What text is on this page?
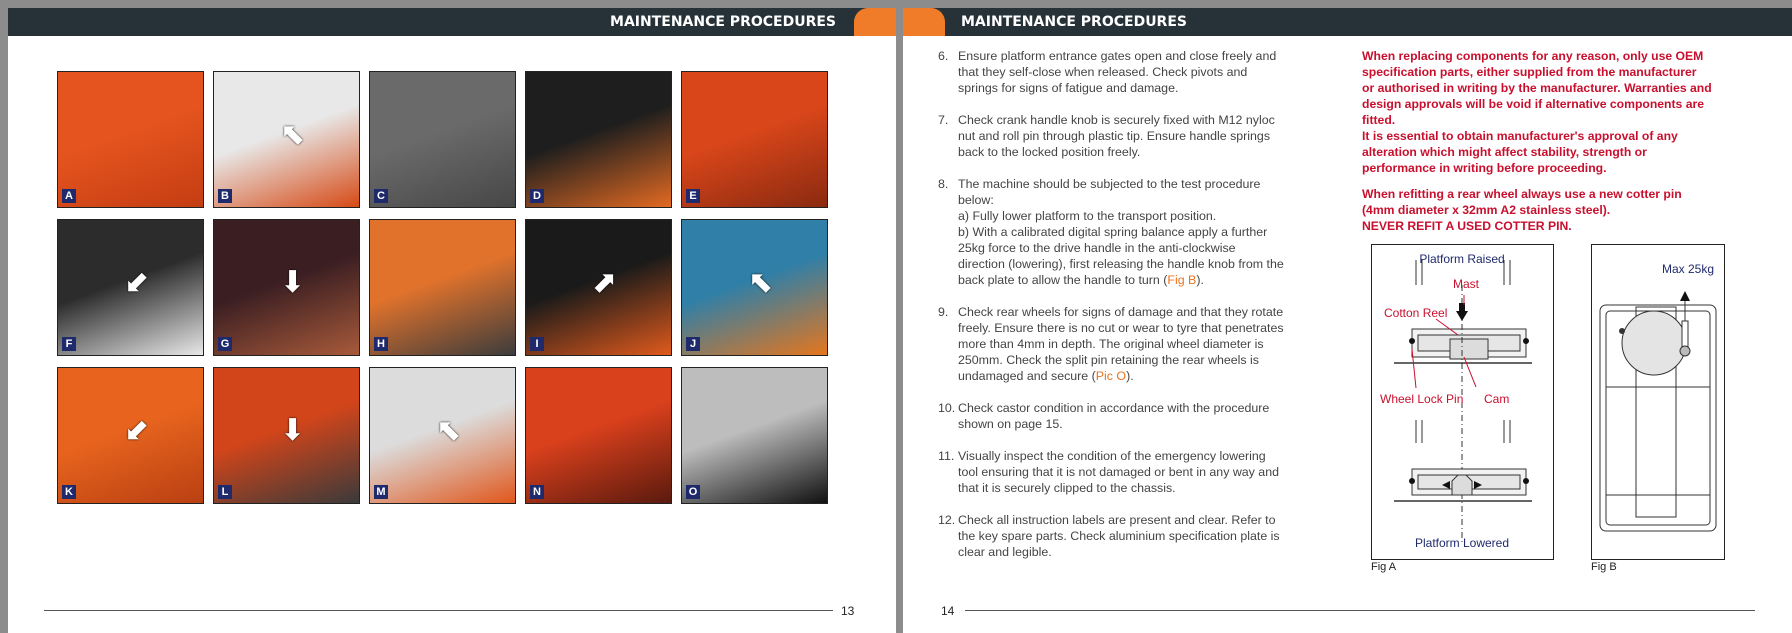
MAINTENANCE PROCEDURES
A
⬉
B	C	D	E
⬋
F
⬇
G	H
⬈
I
⬉
J
⬋
K
⬇
L
⬉
M	N	O
13
MAINTENANCE PROCEDURES
6. Ensure platform entrance gates open and close freely and that they self-close when released. Check pivots and springs for signs of fatigue and damage.
7. Check crank handle knob is securely fixed with M12 nyloc nut and roll pin through plastic tip. Ensure handle springs back to the locked position freely.
8. The machine should be subjected to the test procedure below:
a) Fully lower platform to the transport position.
b) With a calibrated digital spring balance apply a further 25kg force to the drive handle in the anti-clockwise direction (lowering), first releasing the handle knob from the back plate to allow the handle to turn (Fig B).
9. Check rear wheels for signs of damage and that they rotate freely. Ensure there is no cut or wear to tyre that penetrates more than 4mm in depth. The original wheel diameter is 250mm. Check the split pin retaining the rear wheels is undamaged and secure (Pic O).
10. Check castor condition in accordance with the procedure shown on page 15.
11. Visually inspect the condition of the emergency lowering tool ensuring that it is not damaged or bent in any way and that it is securely clipped to the chassis.
12. Check all instruction labels are present and clear. Refer to the key spare parts. Check aluminium specification plate is clear and legible.

When replacing components for any reason, only use OEM specification parts, either supplied from the manufacturer or authorised in writing by the manufacturer. Warranties and design approvals will be void if alternative components are fitted.
It is essential to obtain manufacturer's approval of any alteration which might affect stability, strength or performance in writing before proceeding.

When refitting a rear wheel always use a new cotter pin (4mm diameter x 32mm A2 stainless steel).
NEVER REFIT A USED COTTER PIN.

Platform Raised
Mast
Cotton Reel
Wheel Lock Pin Cam
Platform Lowered
Fig A
Max 25kg
Fig B
14
